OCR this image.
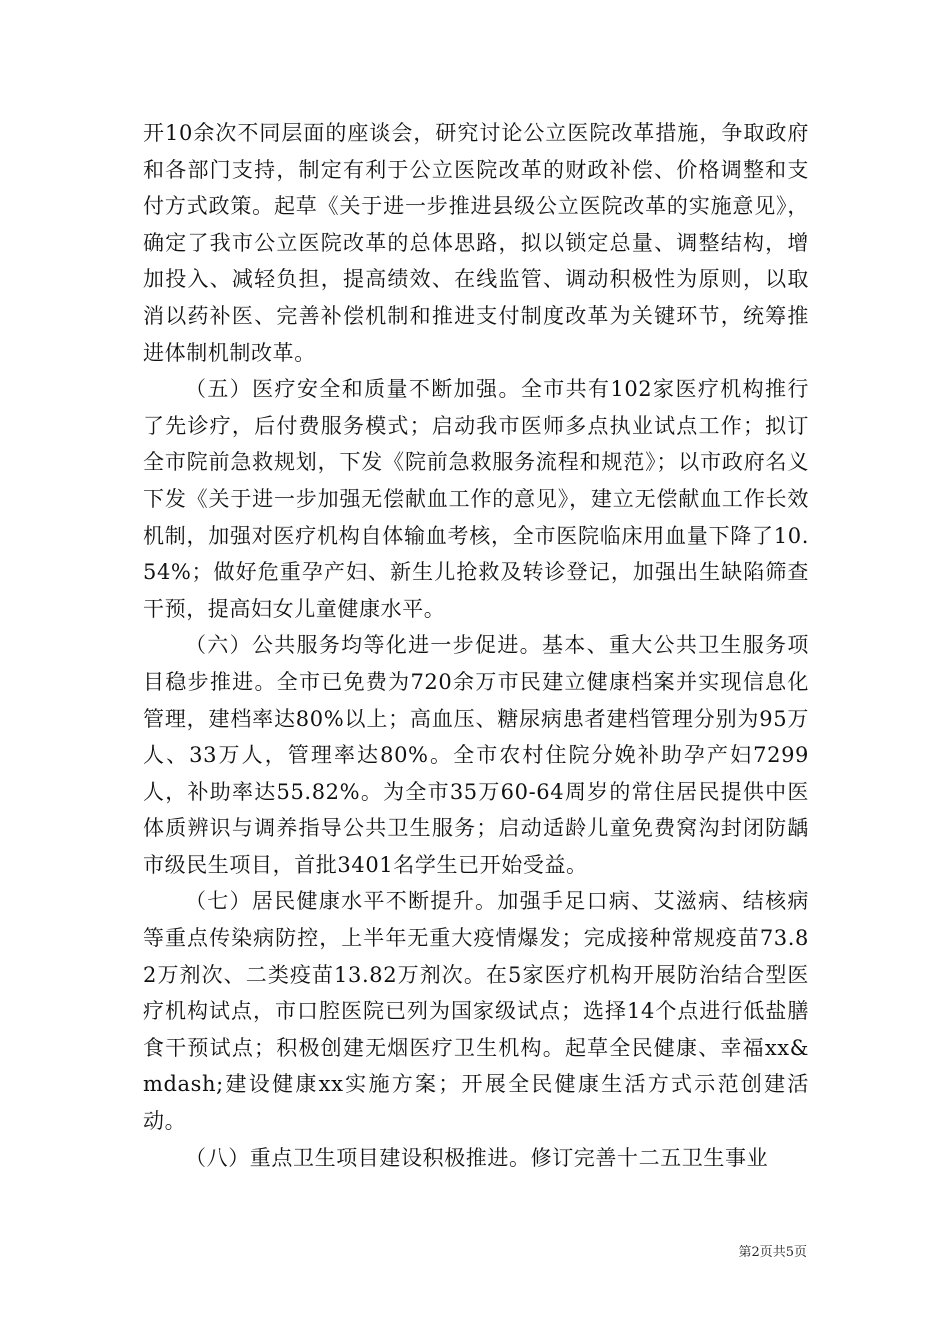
开10余次不同层面的座谈会，研究讨论公立医院改革措施，争取政府和各部门支持，制定有利于公立医院改革的财政补偿、价格调整和支付方式政策。起草《关于进一步推进县级公立医院改革的实施意见》，确定了我市公立医院改革的总体思路，拟以锁定总量、调整结构，增加投入、减轻负担，提高绩效、在线监管、调动积极性为原则，以取消以药补医、完善补偿机制和推进支付制度改革为关键环节，统筹推进体制机制改革。

（五）医疗安全和质量不断加强。全市共有102家医疗机构推行了先诊疗，后付费服务模式；启动我市医师多点执业试点工作；拟订全市院前急救规划，下发《院前急救服务流程和规范》；以市政府名义下发《关于进一步加强无偿献血工作的意见》，建立无偿献血工作长效机制，加强对医疗机构自体输血考核，全市医院临床用血量下降了10.54%；做好危重孕产妇、新生儿抢救及转诊登记，加强出生缺陷筛查干预，提高妇女儿童健康水平。

（六）公共服务均等化进一步促进。基本、重大公共卫生服务项目稳步推进。全市已免费为720余万市民建立健康档案并实现信息化管理，建档率达80%以上；高血压、糖尿病患者建档管理分别为95万人、33万人，管理率达80%。全市农村住院分娩补助孕产妇7299人，补助率达55.82%。为全市35万60-64周岁的常住居民提供中医体质辨识与调养指导公共卫生服务；启动适龄儿童免费窝沟封闭防龋市级民生项目，首批3401名学生已开始受益。

（七）居民健康水平不断提升。加强手足口病、艾滋病、结核病等重点传染病防控，上半年无重大疫情爆发；完成接种常规疫苗73.82万剂次、二类疫苗13.82万剂次。在5家医疗机构开展防治结合型医疗机构试点，市口腔医院已列为国家级试点；选择14个点进行低盐膳食干预试点；积极创建无烟医疗卫生机构。起草全民健康、幸福xx&mdash;建设健康xx实施方案；开展全民健康生活方式示范创建活动。

（八）重点卫生项目建设积极推进。修订完善十二五卫生事业

第2页共5页
